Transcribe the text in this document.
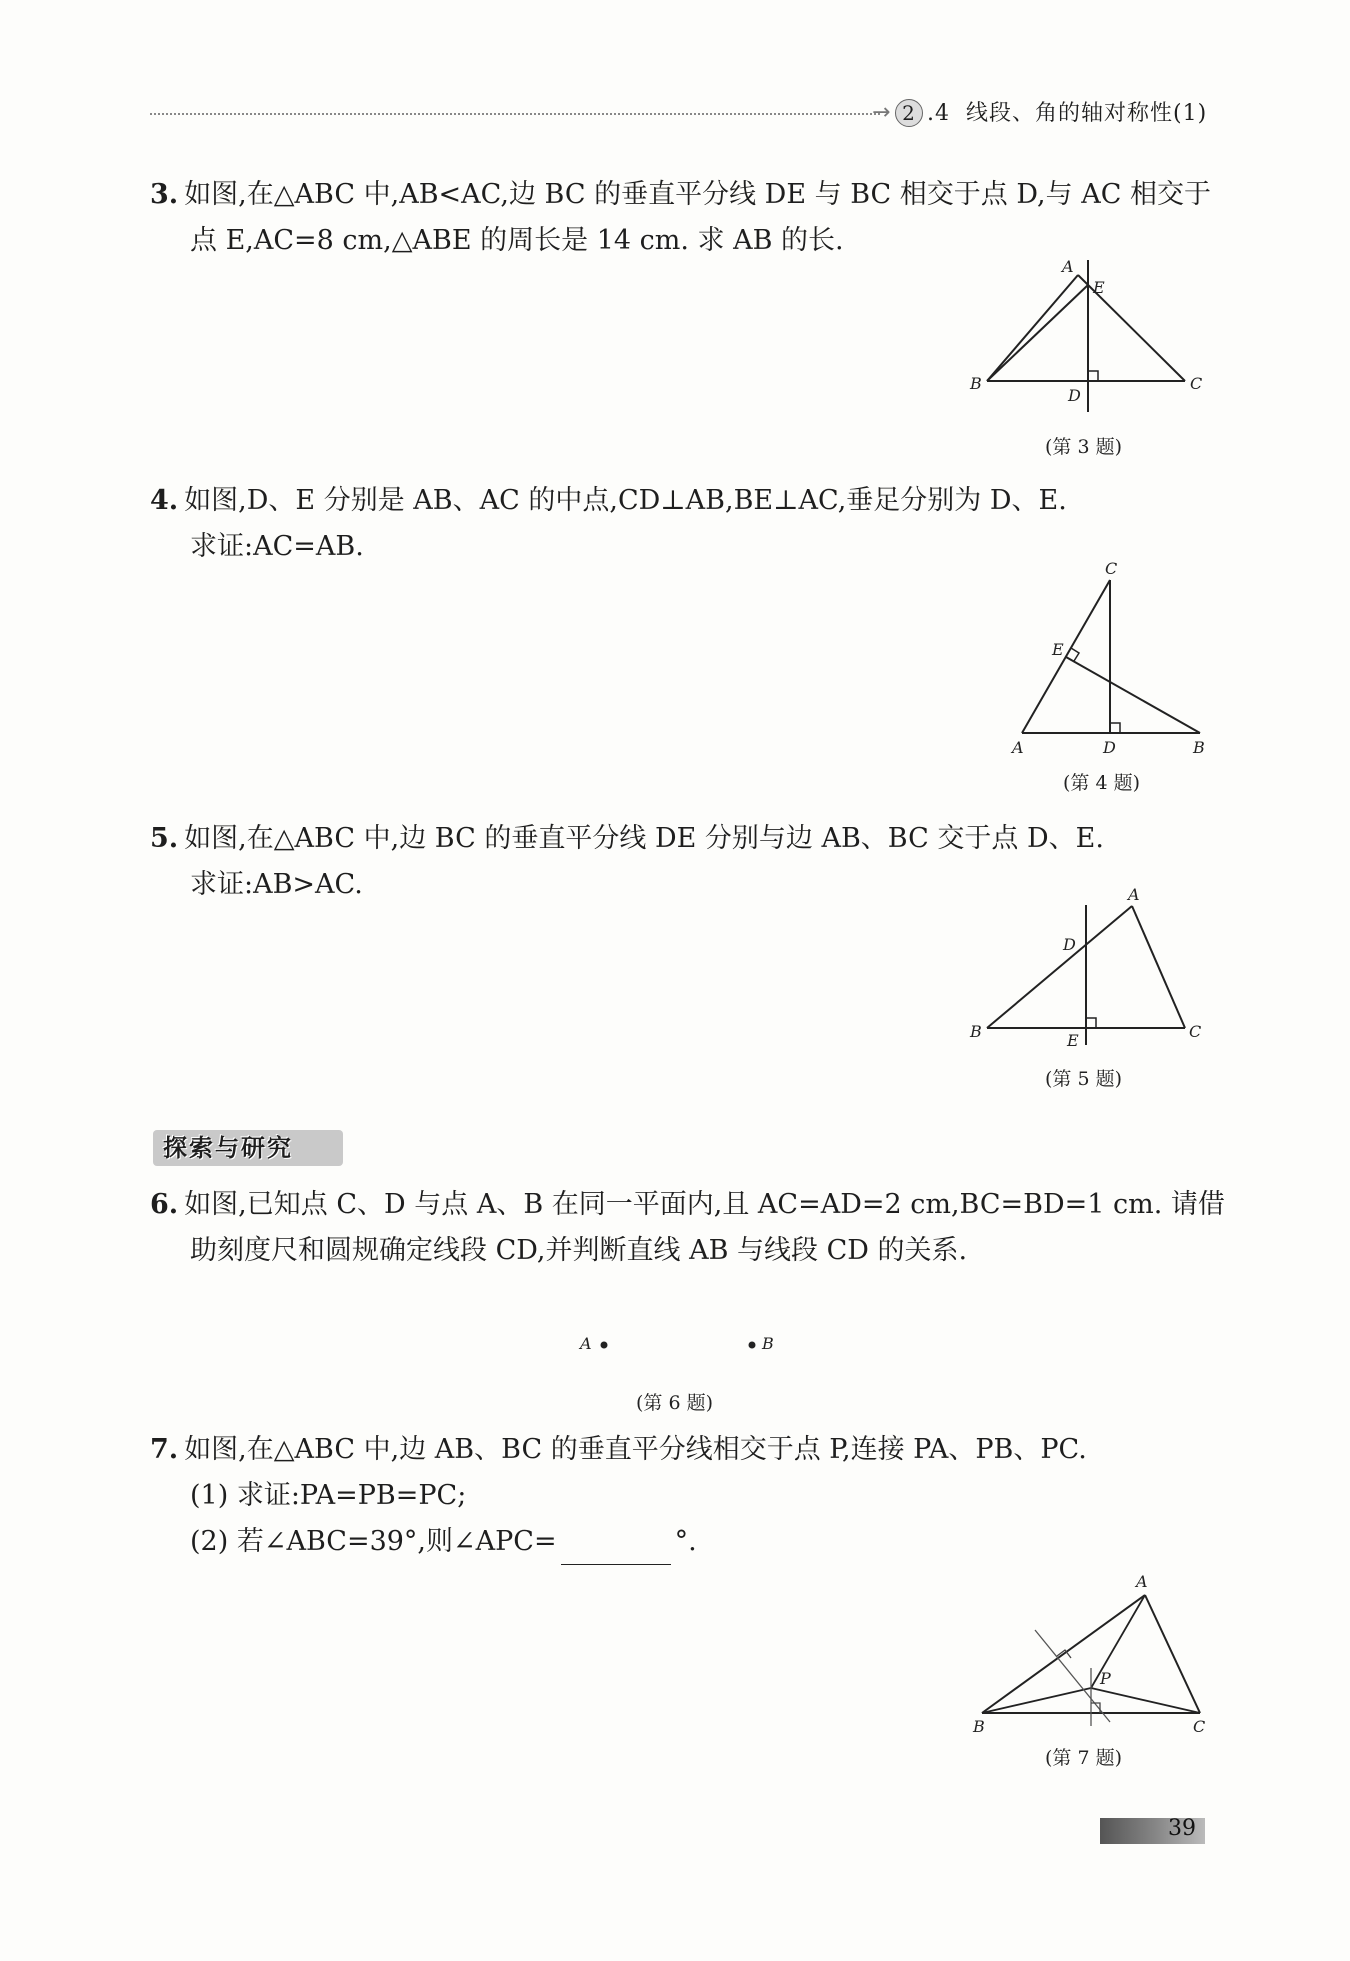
→ 2 .4 线段、角的轴对称性(1)
3. 如图,在△ABC 中,AB<AC,边 BC 的垂直平分线 DE 与 BC 相交于点 D,与 AC 相交于
点 E,AC=8 cm,△ABE 的周长是 14 cm. 求 AB 的长.
A
E
B	C
D
(第 3 题)
4. 如图,D、E 分别是 AB、AC 的中点,CD⊥AB,BE⊥AC,垂足分别为 D、E.
求证:AC=AB.
C
E
A	D	B
(第 4 题)
5. 如图,在△ABC 中,边 BC 的垂直平分线 DE 分别与边 AB、BC 交于点 D、E.
求证:AB>AC.	A
D
B	C
E
(第 5 题)
探索与研究
6. 如图,已知点 C、D 与点 A、B 在同一平面内,且 AC=AD=2 cm,BC=BD=1 cm. 请借
助刻度尺和圆规确定线段 CD,并判断直线 AB 与线段 CD 的关系.
A	B
(第 6 题)
7. 如图,在△ABC 中,边 AB、BC 的垂直平分线相交于点 P,连接 PA、PB、PC.
(1) 求证:PA=PB=PC;
(2) 若∠ABC=39°,则∠APC=	°.
A
P
B	C
(第 7 题)
39
